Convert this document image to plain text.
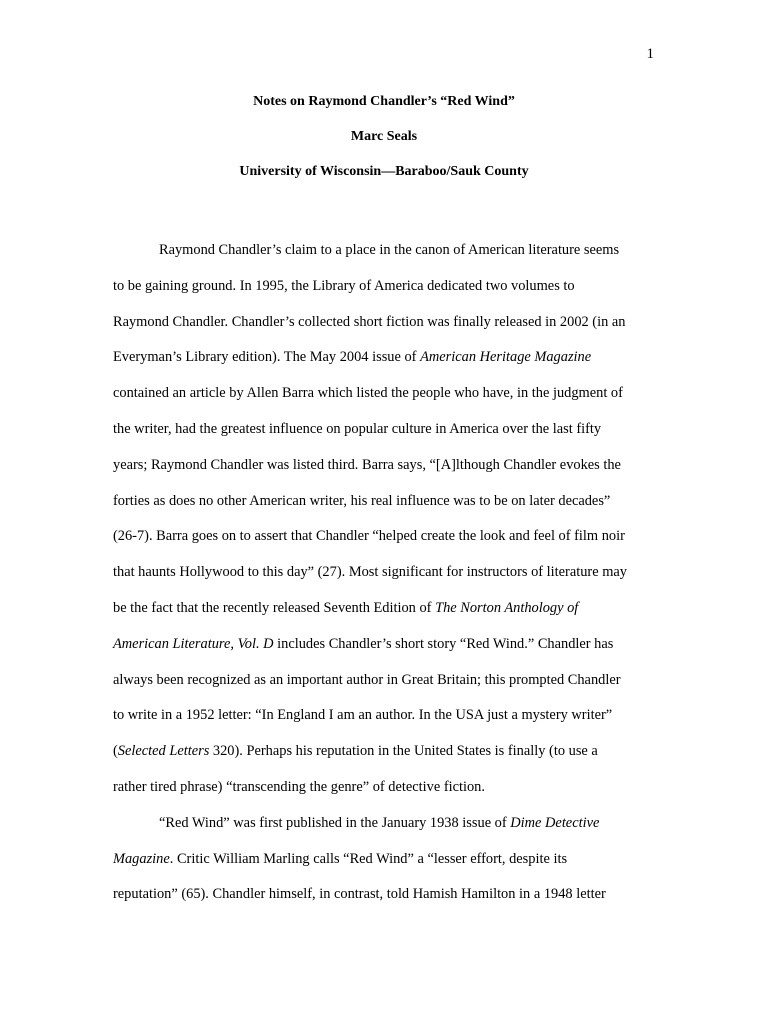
1
Notes on Raymond Chandler’s “Red Wind”
Marc Seals
University of Wisconsin—Baraboo/Sauk County
Raymond Chandler’s claim to a place in the canon of American literature seems
to be gaining ground. In 1995, the Library of America dedicated two volumes to
Raymond Chandler. Chandler’s collected short fiction was finally released in 2002 (in an
Everyman’s Library edition). The May 2004 issue of American Heritage Magazine
contained an article by Allen Barra which listed the people who have, in the judgment of
the writer, had the greatest influence on popular culture in America over the last fifty
years; Raymond Chandler was listed third. Barra says, “[A]lthough Chandler evokes the
forties as does no other American writer, his real influence was to be on later decades”
(26-7). Barra goes on to assert that Chandler “helped create the look and feel of film noir
that haunts Hollywood to this day” (27). Most significant for instructors of literature may
be the fact that the recently released Seventh Edition of The Norton Anthology of
American Literature, Vol. D includes Chandler’s short story “Red Wind.” Chandler has
always been recognized as an important author in Great Britain; this prompted Chandler
to write in a 1952 letter: “In England I am an author. In the USA just a mystery writer”
(Selected Letters 320). Perhaps his reputation in the United States is finally (to use a
rather tired phrase) “transcending the genre” of detective fiction.
“Red Wind” was first published in the January 1938 issue of Dime Detective
Magazine. Critic William Marling calls “Red Wind” a “lesser effort, despite its
reputation” (65). Chandler himself, in contrast, told Hamish Hamilton in a 1948 letter
